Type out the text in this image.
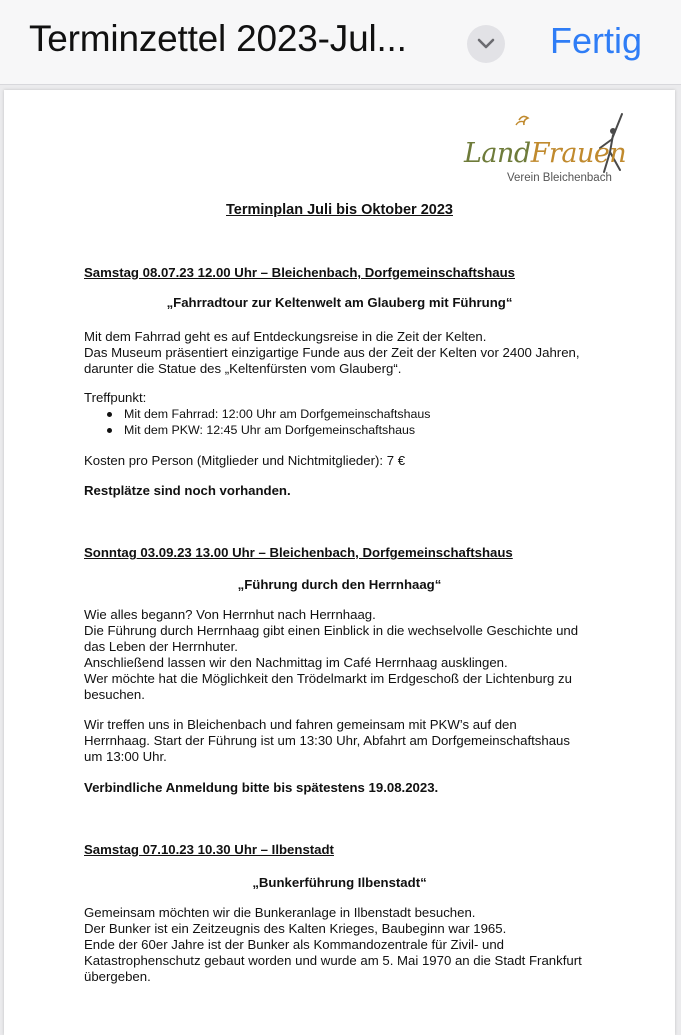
Terminzettel 2023-Jul...	Fertig
LandFrauen
Verein Bleichenbach
Terminplan Juli bis Oktober 2023
Samstag 08.07.23 12.00 Uhr – Bleichenbach, Dorfgemeinschaftshaus
„Fahrradtour zur Keltenwelt am Glauberg mit Führung“
Mit dem Fahrrad geht es auf Entdeckungsreise in die Zeit der Kelten.
Das Museum präsentiert einzigartige Funde aus der Zeit der Kelten vor 2400 Jahren,
darunter die Statue des „Keltenfürsten vom Glauberg“.
Treffpunkt:
Mit dem Fahrrad: 12:00 Uhr am Dorfgemeinschaftshaus
Mit dem PKW: 12:45 Uhr am Dorfgemeinschaftshaus
Kosten pro Person (Mitglieder und Nichtmitglieder): 7 €
Restplätze sind noch vorhanden.
Sonntag 03.09.23 13.00 Uhr – Bleichenbach, Dorfgemeinschaftshaus
„Führung durch den Herrnhaag“
Wie alles begann? Von Herrnhut nach Herrnhaag.
Die Führung durch Herrnhaag gibt einen Einblick in die wechselvolle Geschichte und
das Leben der Herrnhuter.
Anschließend lassen wir den Nachmittag im Café Herrnhaag ausklingen.
Wer möchte hat die Möglichkeit den Trödelmarkt im Erdgeschoß der Lichtenburg zu
besuchen.
Wir treffen uns in Bleichenbach und fahren gemeinsam mit PKW’s auf den
Herrnhaag. Start der Führung ist um 13:30 Uhr, Abfahrt am Dorfgemeinschaftshaus
um 13:00 Uhr.
Verbindliche Anmeldung bitte bis spätestens 19.08.2023.
Samstag 07.10.23 10.30 Uhr – Ilbenstadt
„Bunkerführung Ilbenstadt“
Gemeinsam möchten wir die Bunkeranlage in Ilbenstadt besuchen.
Der Bunker ist ein Zeitzeugnis des Kalten Krieges, Baubeginn war 1965.
Ende der 60er Jahre ist der Bunker als Kommandozentrale für Zivil- und
Katastrophenschutz gebaut worden und wurde am 5. Mai 1970 an die Stadt Frankfurt
übergeben.
